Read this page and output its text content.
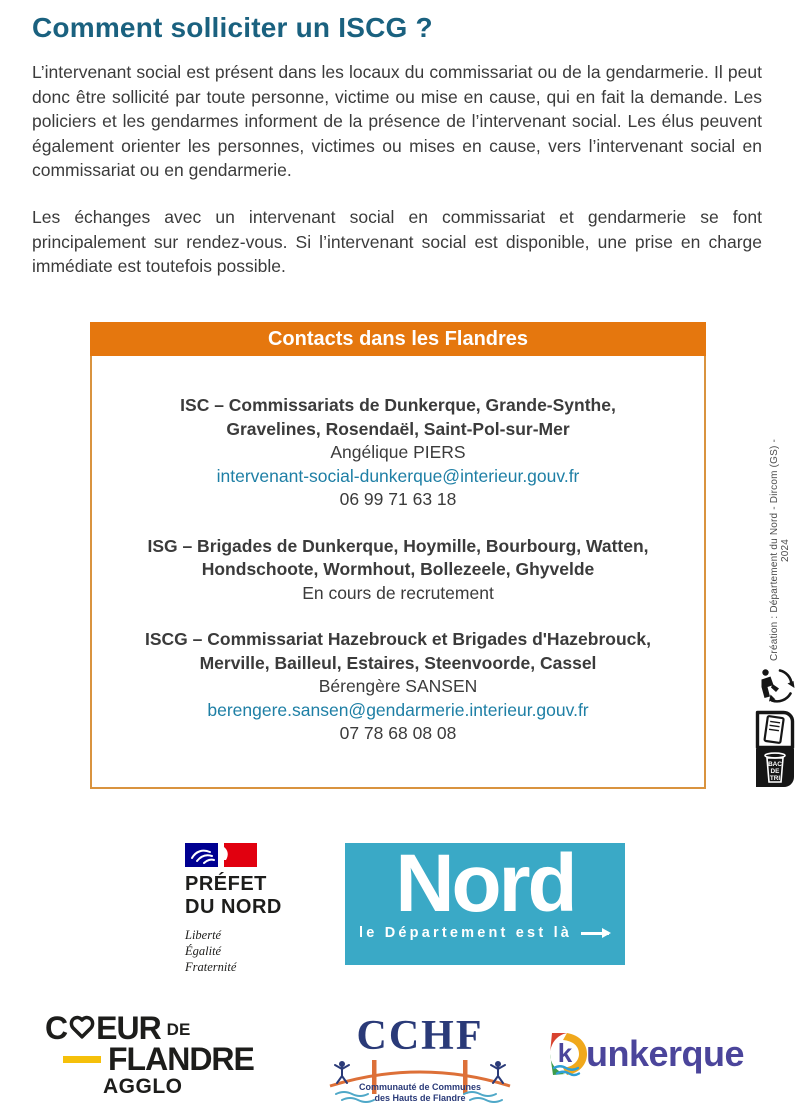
Comment solliciter un ISCG ?

L’intervenant social est présent dans les locaux du commissariat ou de la gendarmerie. Il peut donc être sollicité par toute personne, victime ou mise en cause, qui en fait la demande. Les policiers et les gendarmes informent de la présence de l’intervenant social. Les élus peuvent également orienter les personnes, victimes ou mises en cause, vers l’intervenant social en commissariat ou en gendarmerie.

Les échanges avec un intervenant social en commissariat et gendarmerie se font principalement sur rendez-vous. Si l’intervenant social est disponible, une prise en charge immédiate est toutefois possible.

Contacts dans les Flandres
ISC – Commissariats de Dunkerque, Grande-Synthe, Gravelines, Rosendaël, Saint-Pol-sur-Mer
Angélique PIERS
intervenant-social-dunkerque@interieur.gouv.fr
06 99 71 63 18
ISG – Brigades de Dunkerque, Hoymille, Bourbourg, Watten, Hondschoote, Wormhout, Bollezeele, Ghyvelde
En cours de recrutement
ISCG – Commissariat Hazebrouck et Brigades d'Hazebrouck, Merville, Bailleul, Estaires, Steenvoorde, Cassel
Bérengère SANSEN
berengere.sansen@gendarmerie.interieur.gouv.fr
07 78 68 08 08
Création : Département du Nord - Dircom (GS) - 2024
BAC
DE
TRI
PRÉFET
DU NORD
Liberté
Égalité
Fraternité
Nord
le Département est là
C EUR DE
FLANDRE
AGGLO
CCHF
Communauté de Communes
des Hauts de Flandre
k unkerque
